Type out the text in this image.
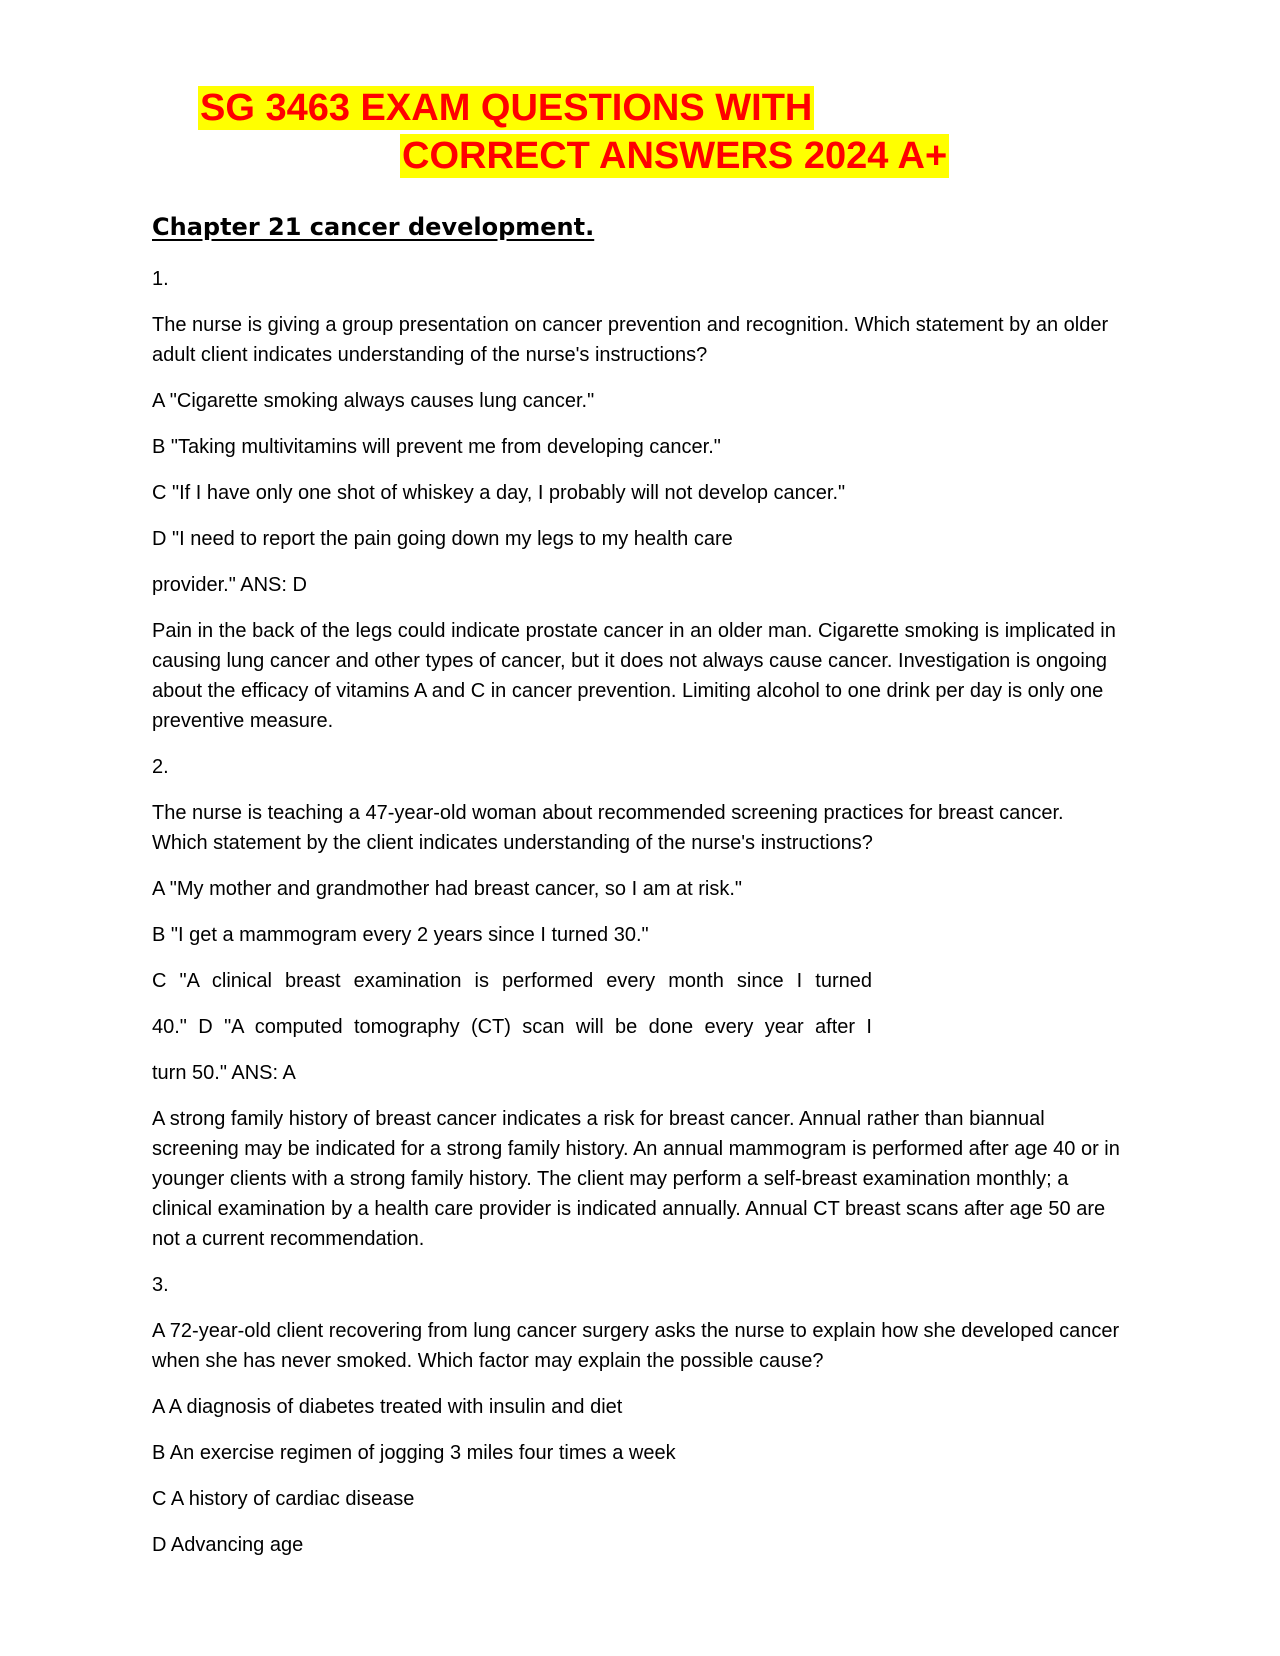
SG 3463 EXAM QUESTIONS WITH
CORRECT ANSWERS 2024 A+
Chapter 21 cancer development.

1.

The nurse is giving a group presentation on cancer prevention and recognition. Which statement by an older adult client indicates understanding of the nurse's instructions?

A "Cigarette smoking always causes lung cancer."

B "Taking multivitamins will prevent me from developing cancer."

C "If I have only one shot of whiskey a day, I probably will not develop cancer."

D "I need to report the pain going down my legs to my health care

provider." ANS: D

Pain in the back of the legs could indicate prostate cancer in an older man. Cigarette smoking is implicated in causing lung cancer and other types of cancer, but it does not always cause cancer. Investigation is ongoing about the efficacy of vitamins A and C in cancer prevention. Limiting alcohol to one drink per day is only one preventive measure.

2.

The nurse is teaching a 47-year-old woman about recommended screening practices for breast cancer. Which statement by the client indicates understanding of the nurse's instructions?

A "My mother and grandmother had breast cancer, so I am at risk."

B "I get a mammogram every 2 years since I turned 30."

C "A clinical breast examination is performed every month since I turned

40." D "A computed tomography (CT) scan will be done every year after I

turn 50." ANS: A

A strong family history of breast cancer indicates a risk for breast cancer. Annual rather than biannual screening may be indicated for a strong family history. An annual mammogram is performed after age 40 or in younger clients with a strong family history. The client may perform a self-breast examination monthly; a clinical examination by a health care provider is indicated annually. Annual CT breast scans after age 50 are not a current recommendation.

3.

A 72-year-old client recovering from lung cancer surgery asks the nurse to explain how she developed cancer when she has never smoked. Which factor may explain the possible cause?

A A diagnosis of diabetes treated with insulin and diet

B An exercise regimen of jogging 3 miles four times a week

C A history of cardiac disease

D Advancing age
